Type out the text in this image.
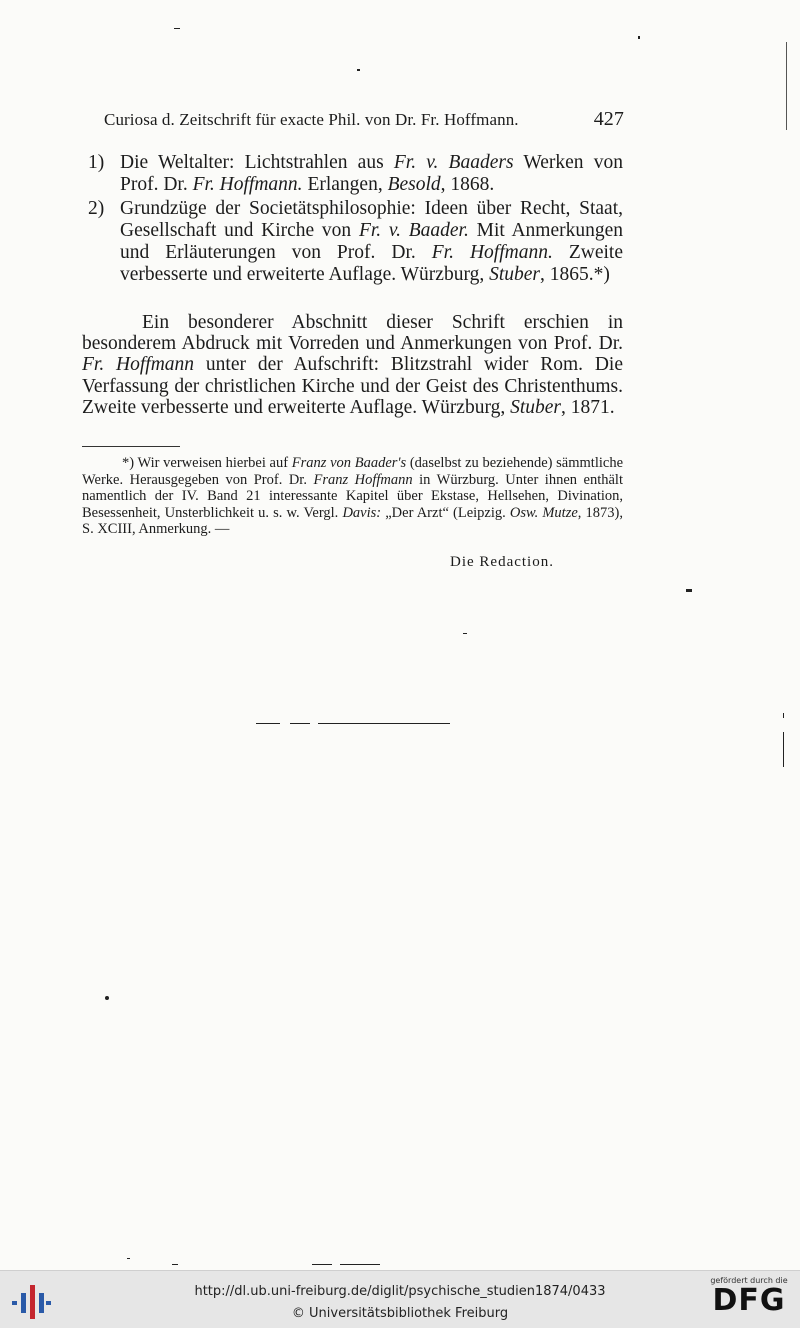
Curiosa d. Zeitschrift für exacte Phil. von Dr. Fr. Hoffmann.	427
1) Die Weltalter: Lichtstrahlen aus Fr. v. Baaders Werken von Prof. Dr. Fr. Hoffmann. Erlangen, Besold, 1868.
2) Grundzüge der Societätsphilosophie: Ideen über Recht, Staat, Gesellschaft und Kirche von Fr. v. Baader. Mit Anmerkungen und Erläuterungen von Prof. Dr. Fr. Hoffmann. Zweite verbesserte und erweiterte Auflage. Würzburg, Stuber, 1865.*)
Ein besonderer Abschnitt dieser Schrift erschien in besonderem Abdruck mit Vorreden und Anmerkungen von Prof. Dr. Fr. Hoffmann unter der Aufschrift: Blitzstrahl wider Rom. Die Verfassung der christlichen Kirche und der Geist des Christenthums. Zweite verbesserte und erweiterte Auflage. Würzburg, Stuber, 1871.
*) Wir verweisen hierbei auf Franz von Baader's (daselbst zu beziehende) sämmtliche Werke. Herausgegeben von Prof. Dr. Franz Hoffmann in Würzburg. Unter ihnen enthält namentlich der IV. Band 21 interessante Kapitel über Ekstase, Hellsehen, Divination, Besessenheit, Unsterblichkeit u. s. w. Vergl. Davis: „Der Arzt“ (Leipzig. Osw. Mutze, 1873), S. XCIII, Anmerkung. —
Die Redaction.
http://dl.ub.uni-freiburg.de/diglit/psychische_studien1874/0433
© Universitätsbibliothek Freiburg
gefördert durch die
DFG
